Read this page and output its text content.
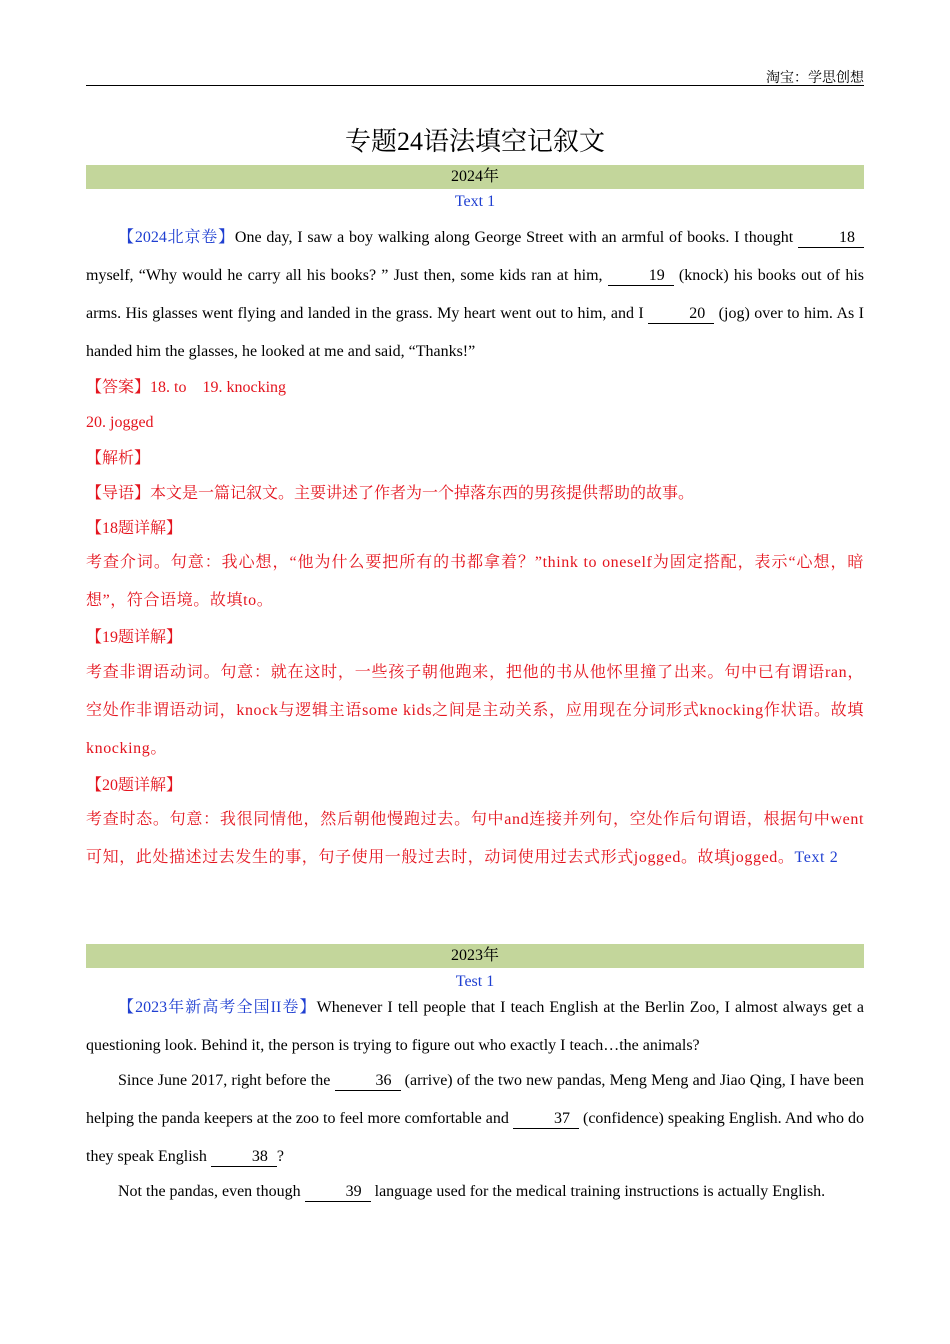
淘宝：学思创想
专题24语法填空记叙文
2024年
Text 1
【2024北京卷】One day, I saw a boy walking along George Street with an armful of books. I thought	18 myself, “Why would he carry all his books? ” Just then, some kids ran at him,	19 (knock) his books out of his arms. His glasses went flying and landed in the grass. My heart went out to him, and I	20 (jog) over to him. As I handed him the glasses, he looked at me and said, “Thanks!”
【答案】18. to　19. knocking
20. jogged
【解析】
【导语】本文是一篇记叙文。主要讲述了作者为一个掉落东西的男孩提供帮助的故事。
【18题详解】
考查介词。句意：我心想，“他为什么要把所有的书都拿着？”think to oneself为固定搭配，表示“心想，暗想”，符合语境。故填to。
【19题详解】
考查非谓语动词。句意：就在这时，一些孩子朝他跑来，把他的书从他怀里撞了出来。句中已有谓语ran，空处作非谓语动词，knock与逻辑主语some kids之间是主动关系，应用现在分词形式knocking作状语。故填knocking。
【20题详解】
考查时态。句意：我很同情他，然后朝他慢跑过去。句中and连接并列句，空处作后句谓语，根据句中went可知，此处描述过去发生的事，句子使用一般过去时，动词使用过去式形式jogged。故填jogged。Text 2
2023年
Test 1
【2023年新高考全国II卷】Whenever I tell people that I teach English at the Berlin Zoo, I almost always get a questioning look. Behind it, the person is trying to figure out who exactly I teach…the animals?
Since June 2017, right before the	36 (arrive) of the two new pandas, Meng Meng and Jiao Qing, I have been helping the panda keepers at the zoo to feel more comfortable and	37 (confidence) speaking English. And who do they speak English	38 ?
Not the pandas, even though	39 language used for the medical training instructions is actually English.
